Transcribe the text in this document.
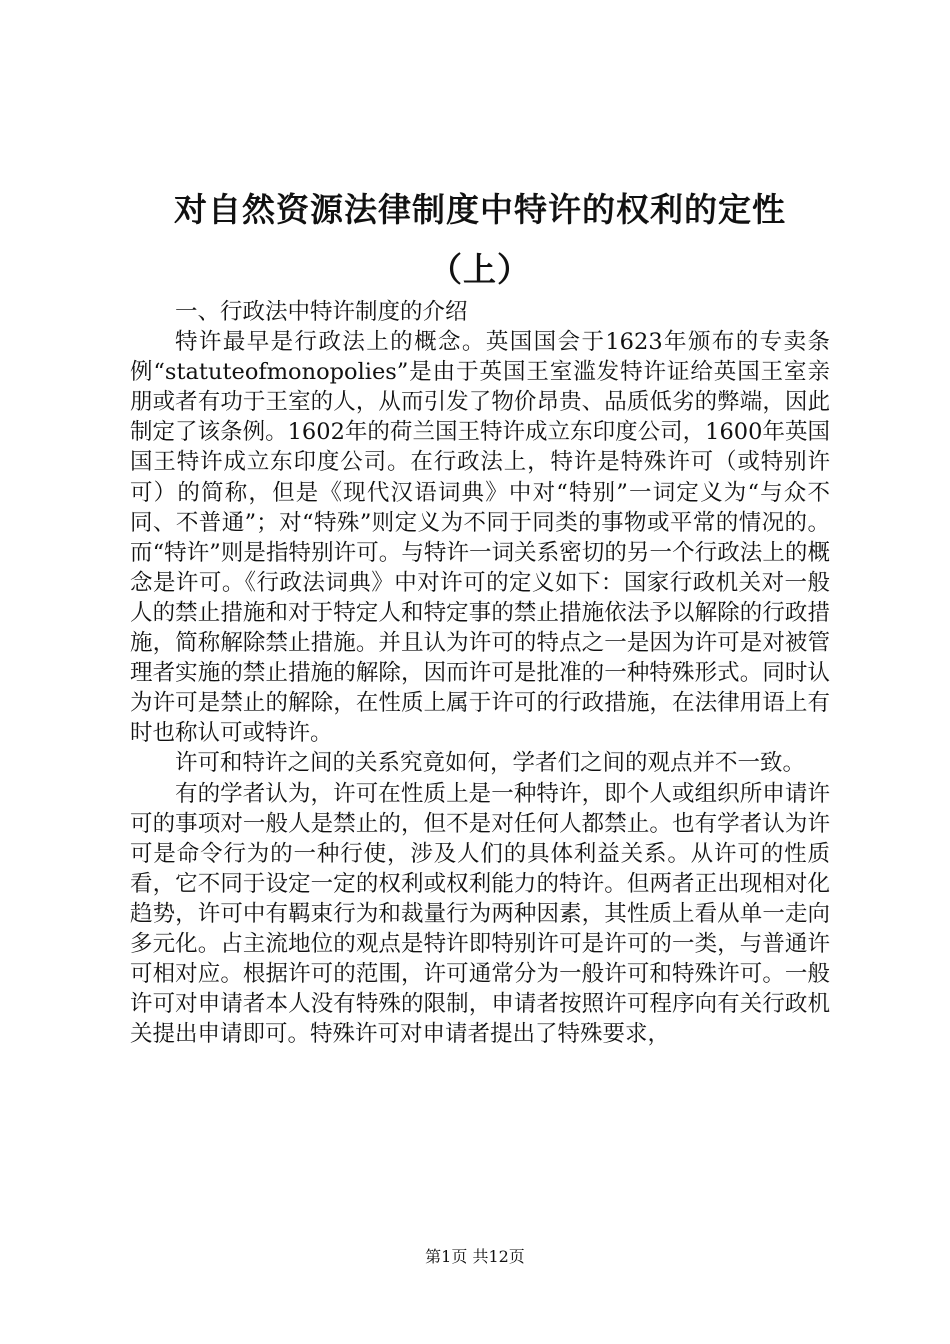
对自然资源法律制度中特许的权利的定性
（上）

一、行政法中特许制度的介绍

特许最早是行政法上的概念。英国国会于1623年颁布的专卖条例“statuteofmonopolies”是由于英国王室滥发特许证给英国王室亲朋或者有功于王室的人，从而引发了物价昂贵、品质低劣的弊端，因此制定了该条例。1602年的荷兰国王特许成立东印度公司，1600年英国国王特许成立东印度公司。在行政法上，特许是特殊许可（或特别许可）的简称，但是《现代汉语词典》中对“特别”一词定义为“与众不同、不普通”；对“特殊”则定义为不同于同类的事物或平常的情况的。而“特许”则是指特别许可。与特许一词关系密切的另一个行政法上的概念是许可。《行政法词典》中对许可的定义如下：国家行政机关对一般人的禁止措施和对于特定人和特定事的禁止措施依法予以解除的行政措施，简称解除禁止措施。并且认为许可的特点之一是因为许可是对被管理者实施的禁止措施的解除，因而许可是批准的一种特殊形式。同时认为许可是禁止的解除，在性质上属于许可的行政措施，在法律用语上有时也称认可或特许。

许可和特许之间的关系究竟如何，学者们之间的观点并不一致。

有的学者认为，许可在性质上是一种特许，即个人或组织所申请许可的事项对一般人是禁止的，但不是对任何人都禁止。也有学者认为许可是命令行为的一种行使，涉及人们的具体利益关系。从许可的性质看，它不同于设定一定的权利或权利能力的特许。但两者正出现相对化趋势，许可中有羁束行为和裁量行为两种因素，其性质上看从单一走向多元化。占主流地位的观点是特许即特别许可是许可的一类，与普通许可相对应。根据许可的范围，许可通常分为一般许可和特殊许可。一般许可对申请者本人没有特殊的限制，申请者按照许可程序向有关行政机关提出申请即可。特殊许可对申请者提出了特殊要求，

第1页 共12页
